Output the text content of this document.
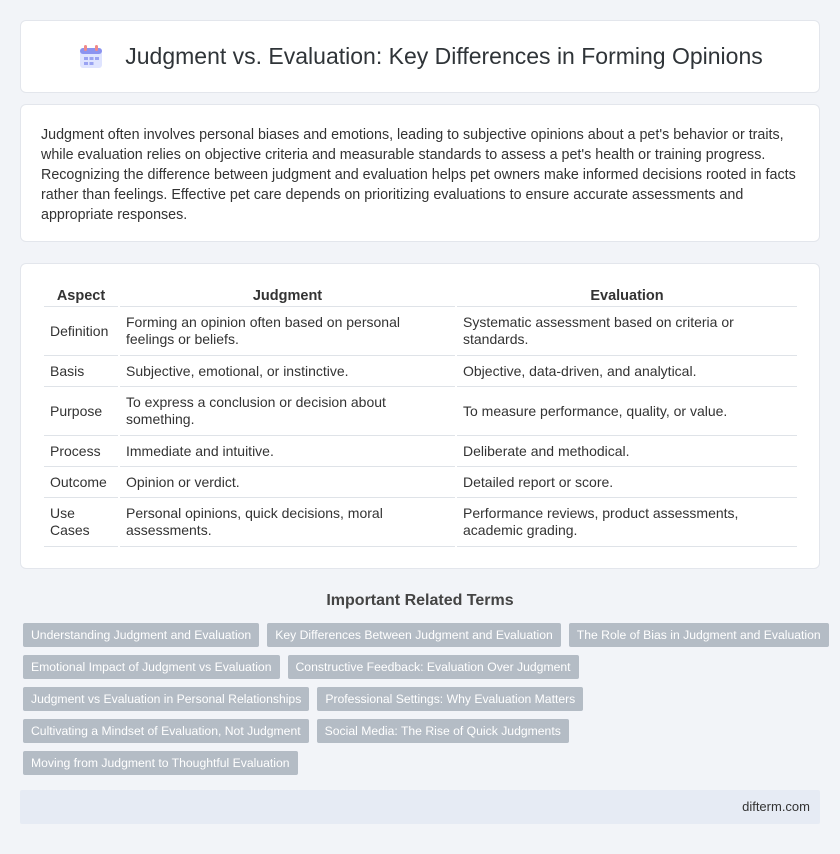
Judgment vs. Evaluation: Key Differences in Forming Opinions

Judgment often involves personal biases and emotions, leading to subjective opinions about a pet's behavior or traits, while evaluation relies on objective criteria and measurable standards to assess a pet's health or training progress. Recognizing the difference between judgment and evaluation helps pet owners make informed decisions rooted in facts rather than feelings. Effective pet care depends on prioritizing evaluations to ensure accurate assessments and appropriate responses.

Aspect	Judgment	Evaluation
Definition	Forming an opinion often based on personal feelings or beliefs.	Systematic assessment based on criteria or standards.
Basis	Subjective, emotional, or instinctive.	Objective, data-driven, and analytical.
Purpose	To express a conclusion or decision about something.	To measure performance, quality, or value.
Process	Immediate and intuitive.	Deliberate and methodical.
Outcome	Opinion or verdict.	Detailed report or score.
Use Cases	Personal opinions, quick decisions, moral assessments.	Performance reviews, product assessments, academic grading.
Important Related Terms
Understanding Judgment and Evaluation	Key Differences Between Judgment and Evaluation	The Role of Bias in Judgment and Evaluation
Emotional Impact of Judgment vs Evaluation	Constructive Feedback: Evaluation Over Judgment
Judgment vs Evaluation in Personal Relationships	Professional Settings: Why Evaluation Matters
Cultivating a Mindset of Evaluation, Not Judgment	Social Media: The Rise of Quick Judgments
Moving from Judgment to Thoughtful Evaluation
difterm.com
